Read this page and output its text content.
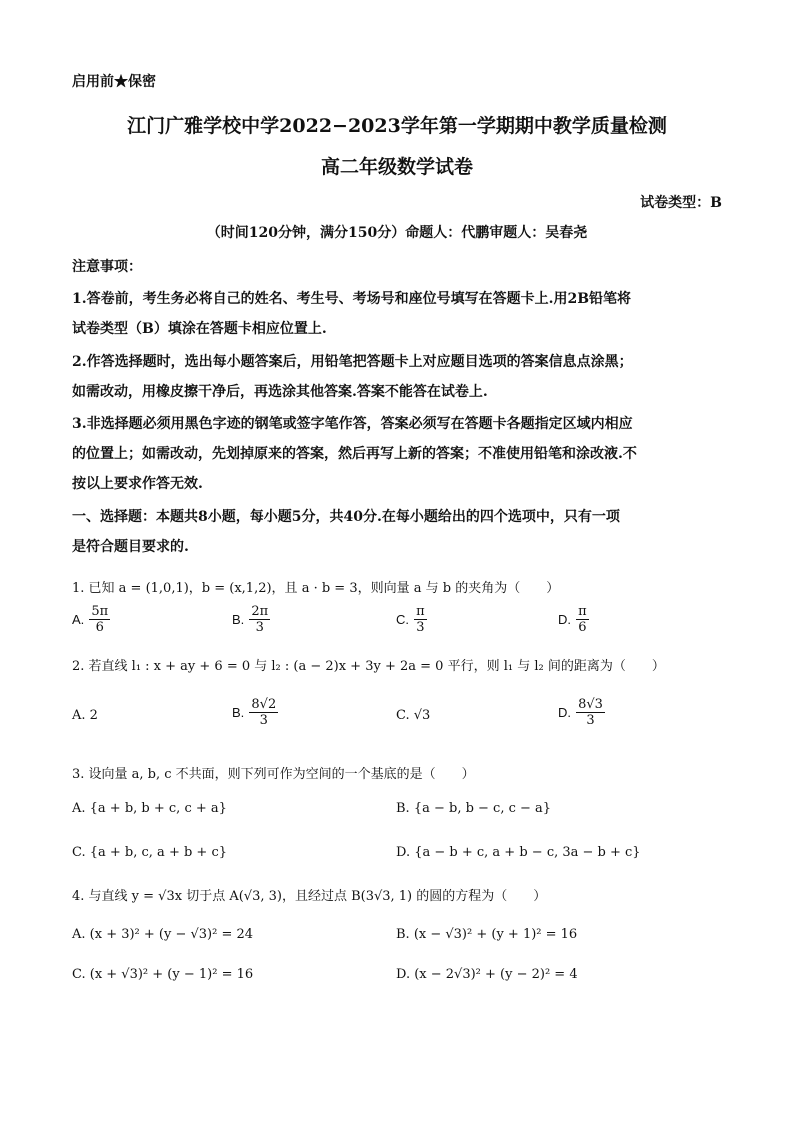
启用前★保密
江门广雅学校中学2022−2023学年第一学期期中教学质量检测
高二年级数学试卷
试卷类型：B
（时间120分钟，满分150分）命题人：代鹏审题人：吴春尧
注意事项：
1.答卷前，考生务必将自己的姓名、考生号、考场号和座位号填写在答题卡上.用2B铅笔将
试卷类型（B）填涂在答题卡相应位置上.
2.作答选择题时，选出每小题答案后，用铅笔把答题卡上对应题目选项的答案信息点涂黑；
如需改动，用橡皮擦干净后，再选涂其他答案.答案不能答在试卷上.
3.非选择题必须用黑色字迹的钢笔或签字笔作答，答案必须写在答题卡各题指定区域内相应
的位置上；如需改动，先划掉原来的答案，然后再写上新的答案；不准使用铅笔和涂改液.不
按以上要求作答无效.
一、选择题：本题共8小题，每小题5分，共40分.在每小题给出的四个选项中，只有一项
是符合题目要求的.
1. 已知 a = (1,0,1)，b = (x,1,2)，且 a · b = 3，则向量 a 与 b 的夹角为（　　）
A. $\frac{5\pi}{6}$	B. $\frac{2\pi}{3}$	C. $\frac{\pi}{3}$	D. $\frac{\pi}{6}$
2. 若直线 l₁ : x + ay + 6 = 0 与 l₂ : (a − 2)x + 3y + 2a = 0 平行，则 l₁ 与 l₂ 间的距离为（　　）
A. 2	B. $\frac{8√2}{3}$	C. √3	D. $\frac{8√3}{3}$
3. 设向量 a, b, c 不共面，则下列可作为空间的一个基底的是（　　）
A. {a + b, b + c, c + a}	B. {a − b, b − c, c − a}
C. {a + b, c, a + b + c}	D. {a − b + c, a + b − c, 3a − b + c}
4. 与直线 y = √3x 切于点 A(√3, 3)，且经过点 B(3√3, 1) 的圆的方程为（　　）
A. (x + 3)² + (y − √3)² = 24	B. (x − √3)² + (y + 1)² = 16
C. (x + √3)² + (y − 1)² = 16	D. (x − 2√3)² + (y − 2)² = 4
